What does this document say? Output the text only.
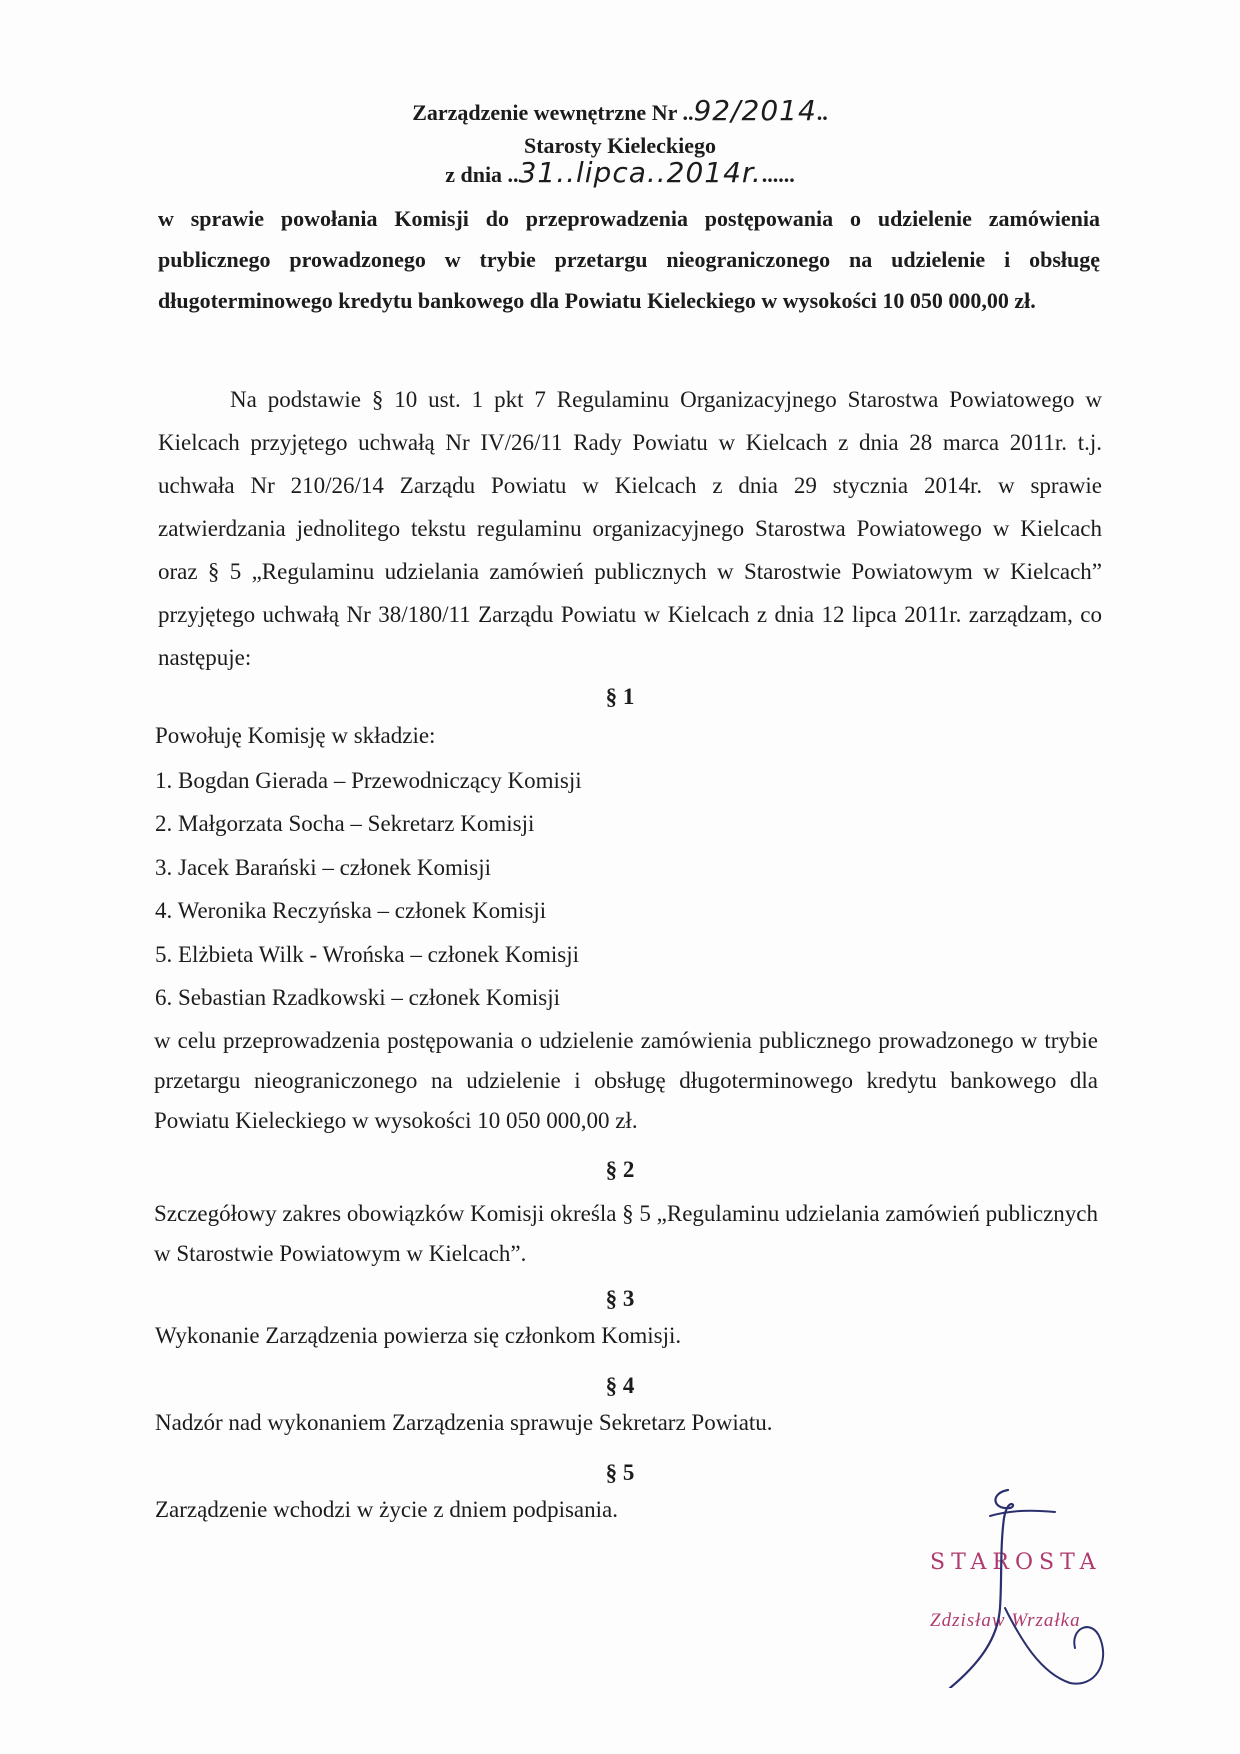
Zarządzenie wewnętrzne Nr ..92/2014..
Starosty Kieleckiego
z dnia ..31..lipca..2014r.......
w sprawie powołania Komisji do przeprowadzenia postępowania o udzielenie zamówienia publicznego prowadzonego w trybie przetargu nieograniczonego na udzielenie i obsługę długoterminowego kredytu bankowego dla Powiatu Kieleckiego w wysokości 10 050 000,00 zł.
Na podstawie § 10 ust. 1 pkt 7 Regulaminu Organizacyjnego Starostwa Powiatowego w Kielcach przyjętego uchwałą Nr IV/26/11 Rady Powiatu w Kielcach z dnia 28 marca 2011r. t.j. uchwała Nr 210/26/14 Zarządu Powiatu w Kielcach z dnia 29 stycznia 2014r. w sprawie zatwierdzania jednolitego tekstu regulaminu organizacyjnego Starostwa Powiatowego w Kielcach oraz § 5 „Regulaminu udzielania zamówień publicznych w Starostwie Powiatowym w Kielcach” przyjętego uchwałą Nr 38/180/11 Zarządu Powiatu w Kielcach z dnia 12 lipca 2011r. zarządzam, co następuje:
§ 1
Powołuję Komisję w składzie:
1. Bogdan Gierada – Przewodniczący Komisji
2. Małgorzata Socha – Sekretarz Komisji
3. Jacek Barański – członek Komisji
4. Weronika Reczyńska – członek Komisji
5. Elżbieta Wilk - Wrońska – członek Komisji
6. Sebastian Rzadkowski – członek Komisji
w celu przeprowadzenia postępowania o udzielenie zamówienia publicznego prowadzonego w trybie przetargu nieograniczonego na udzielenie i obsługę długoterminowego kredytu bankowego dla Powiatu Kieleckiego w wysokości 10 050 000,00 zł.
§ 2
Szczegółowy zakres obowiązków Komisji określa § 5 „Regulaminu udzielania zamówień publicznych w Starostwie Powiatowym w Kielcach”.
§ 3
Wykonanie Zarządzenia powierza się członkom Komisji.
§ 4
Nadzór nad wykonaniem Zarządzenia sprawuje Sekretarz Powiatu.
§ 5
Zarządzenie wchodzi w życie z dniem podpisania.
STAROSTA
Zdzisław Wrzałka
